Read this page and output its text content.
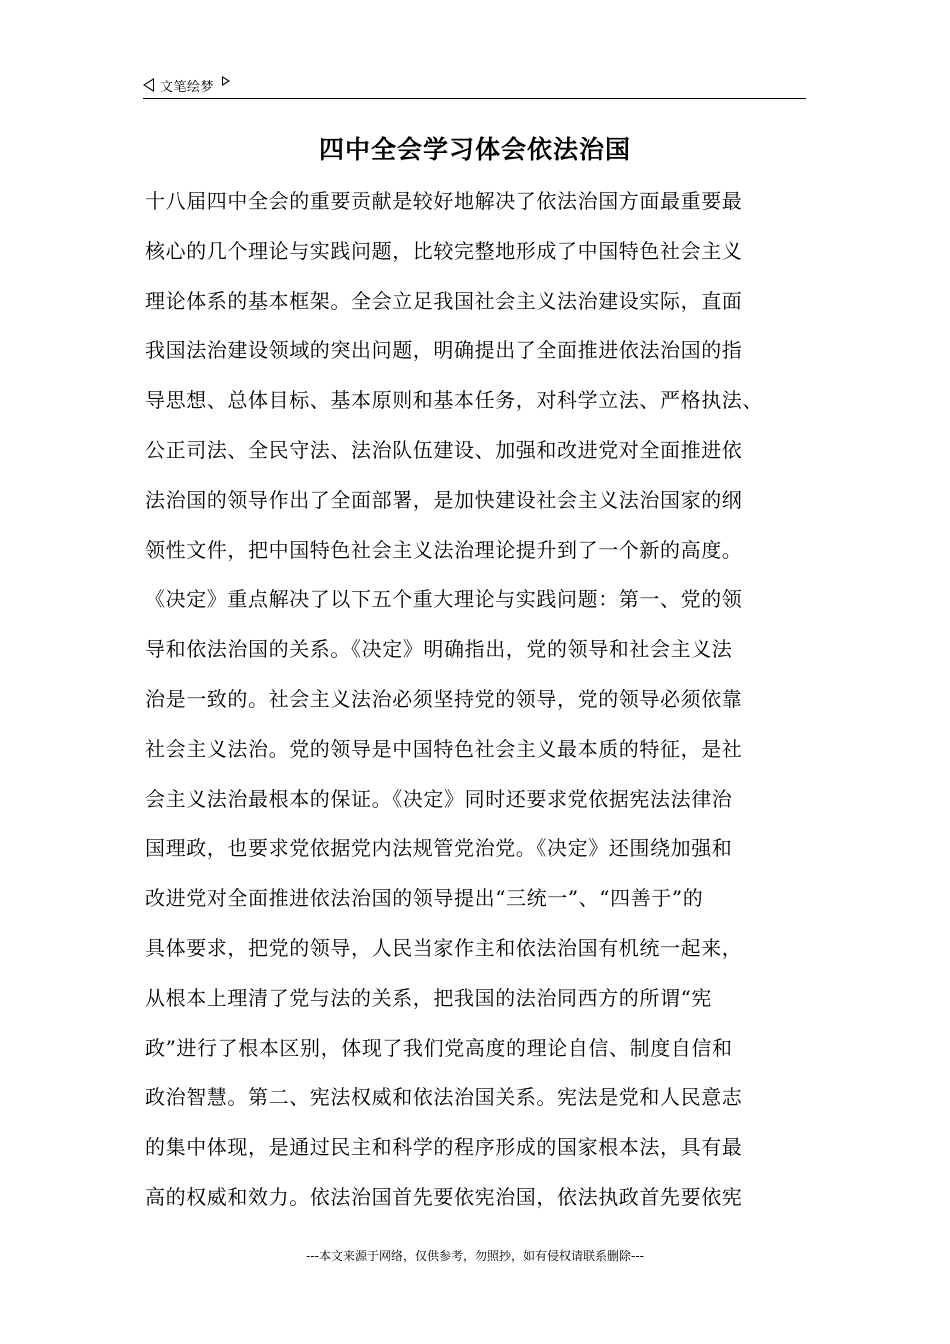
文笔绘梦
四中全会学习体会依法治国
十八届四中全会的重要贡献是较好地解决了依法治国方面最重要最
核心的几个理论与实践问题，比较完整地形成了中国特色社会主义
理论体系的基本框架。全会立足我国社会主义法治建设实际，直面
我国法治建设领域的突出问题，明确提出了全面推进依法治国的指
导思想、总体目标、基本原则和基本任务，对科学立法、严格执法、
公正司法、全民守法、法治队伍建设、加强和改进党对全面推进依
法治国的领导作出了全面部署，是加快建设社会主义法治国家的纲
领性文件，把中国特色社会主义法治理论提升到了一个新的高度。
《决定》重点解决了以下五个重大理论与实践问题：第一、党的领
导和依法治国的关系。《决定》明确指出，党的领导和社会主义法
治是一致的。社会主义法治必须坚持党的领导，党的领导必须依靠
社会主义法治。党的领导是中国特色社会主义最本质的特征，是社
会主义法治最根本的保证。《决定》同时还要求党依据宪法法律治
国理政，也要求党依据党内法规管党治党。《决定》还围绕加强和
改进党对全面推进依法治国的领导提出“三统一”、“四善于”的
具体要求，把党的领导，人民当家作主和依法治国有机统一起来，
从根本上理清了党与法的关系，把我国的法治同西方的所谓“宪
政”进行了根本区别，体现了我们党高度的理论自信、制度自信和
政治智慧。第二、宪法权威和依法治国关系。宪法是党和人民意志
的集中体现，是通过民主和科学的程序形成的国家根本法，具有最
高的权威和效力。依法治国首先要依宪治国，依法执政首先要依宪
---本文来源于网络，仅供参考，勿照抄，如有侵权请联系删除---
